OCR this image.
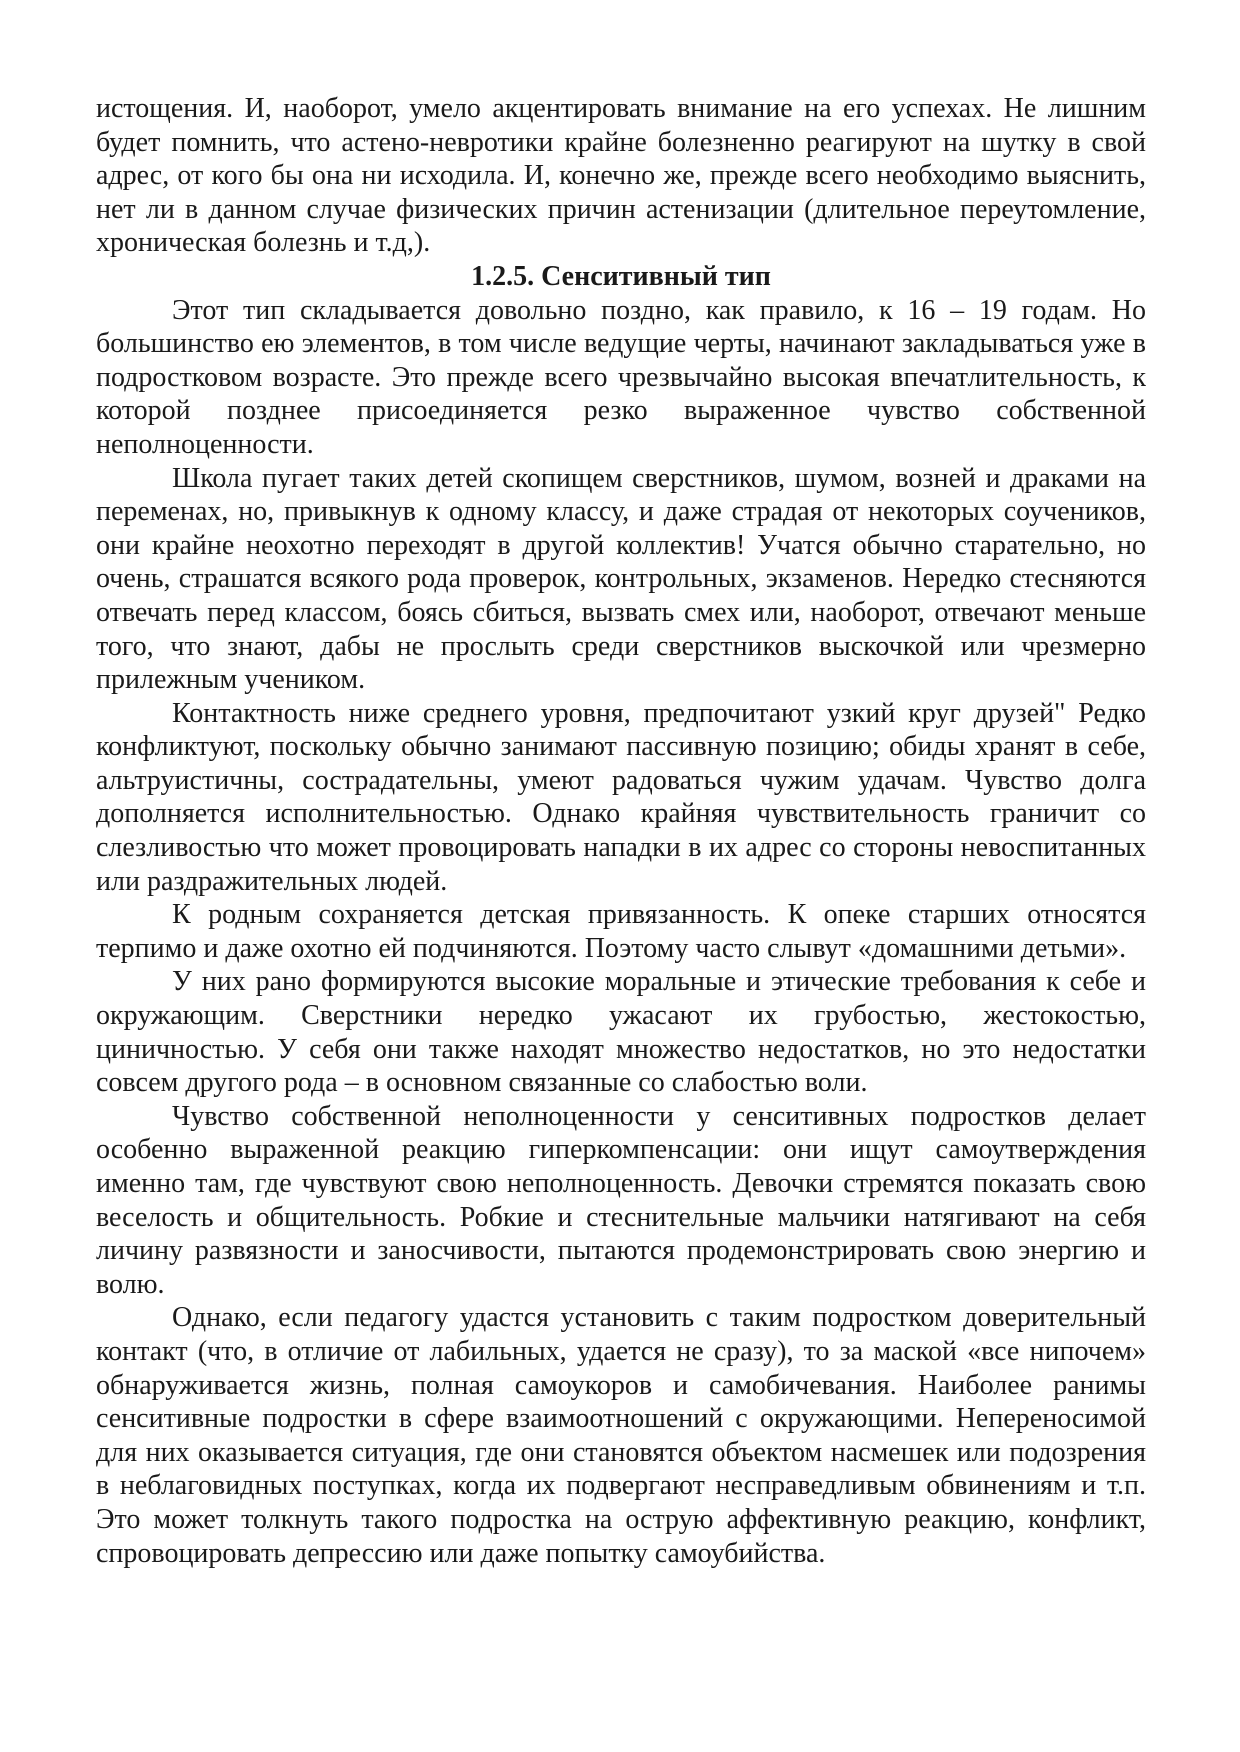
истощения. И, наоборот, умело акцентировать внимание на его успехах. Не лишним будет помнить, что астено-невротики крайне болезненно реагируют на шутку в свой адрес, от кого бы она ни исходила. И, конечно же, прежде всего необходимо выяснить, нет ли в данном случае физических причин астенизации (длительное переутомление, хроническая болезнь и т.д,).

1.2.5. Сенситивный тип

Этот тип складывается довольно поздно, как правило, к 16 – 19 годам. Но большинство ею элементов, в том числе ведущие черты, начинают закладываться уже в подростковом возрасте. Это прежде всего чрезвычайно высокая впечатлительность, к которой позднее присоединяется резко выраженное чувство собственной неполноценности.

Школа пугает таких детей скопищем сверстников, шумом, возней и драками на переменах, но, привыкнув к одному классу, и даже страдая от некоторых соучеников, они крайне неохотно переходят в другой коллектив! Учатся обычно старательно, но очень, страшатся всякого рода проверок, контрольных, экзаменов. Нередко стесняются отвечать перед классом, боясь сбиться, вызвать смех или, наоборот, отвечают меньше того, что знают, дабы не прослыть среди сверстников выскочкой или чрезмерно прилежным учеником.

Контактность ниже среднего уровня, предпочитают узкий круг друзей" Редко конфликтуют, поскольку обычно занимают пассивную позицию; обиды хранят в себе, альтруистичны, сострадательны, умеют радоваться чужим удачам. Чувство долга дополняется исполнительностью. Однако крайняя чувствительность граничит со слезливостью что может провоцировать нападки в их адрес со стороны невоспитанных или раздражительных людей.

К родным сохраняется детская привязанность. К опеке старших относятся терпимо и даже охотно ей подчиняются. Поэтому часто слывут «домашними детьми».

У них рано формируются высокие моральные и этические требования к себе и окружающим. Сверстники нередко ужасают их грубостью, жестокостью, циничностью. У себя они также находят множество недостатков, но это недостатки совсем другого рода – в основном связанные со слабостью воли.

Чувство собственной неполноценности у сенситивных подростков делает особенно выраженной реакцию гиперкомпенсации: они ищут самоутверждения именно там, где чувствуют свою неполноценность. Девочки стремятся показать свою веселость и общительность. Робкие и стеснительные мальчики натягивают на себя личину развязности и заносчивости, пытаются продемонстрировать свою энергию и волю.

Однако, если педагогу удастся установить с таким подростком доверительный контакт (что, в отличие от лабильных, удается не сразу), то за маской «все нипочем» обнаруживается жизнь, полная самоукоров и самобичевания. Наиболее ранимы сенситивные подростки в сфере взаимоотношений с окружающими. Непереносимой для них оказывается ситуация, где они становятся объектом насмешек или подозрения в неблаговидных поступках, когда их подвергают несправедливым обвинениям и т.п. Это может толкнуть такого подростка на острую аффективную реакцию, конфликт, спровоцировать депрессию или даже попытку самоубийства.
